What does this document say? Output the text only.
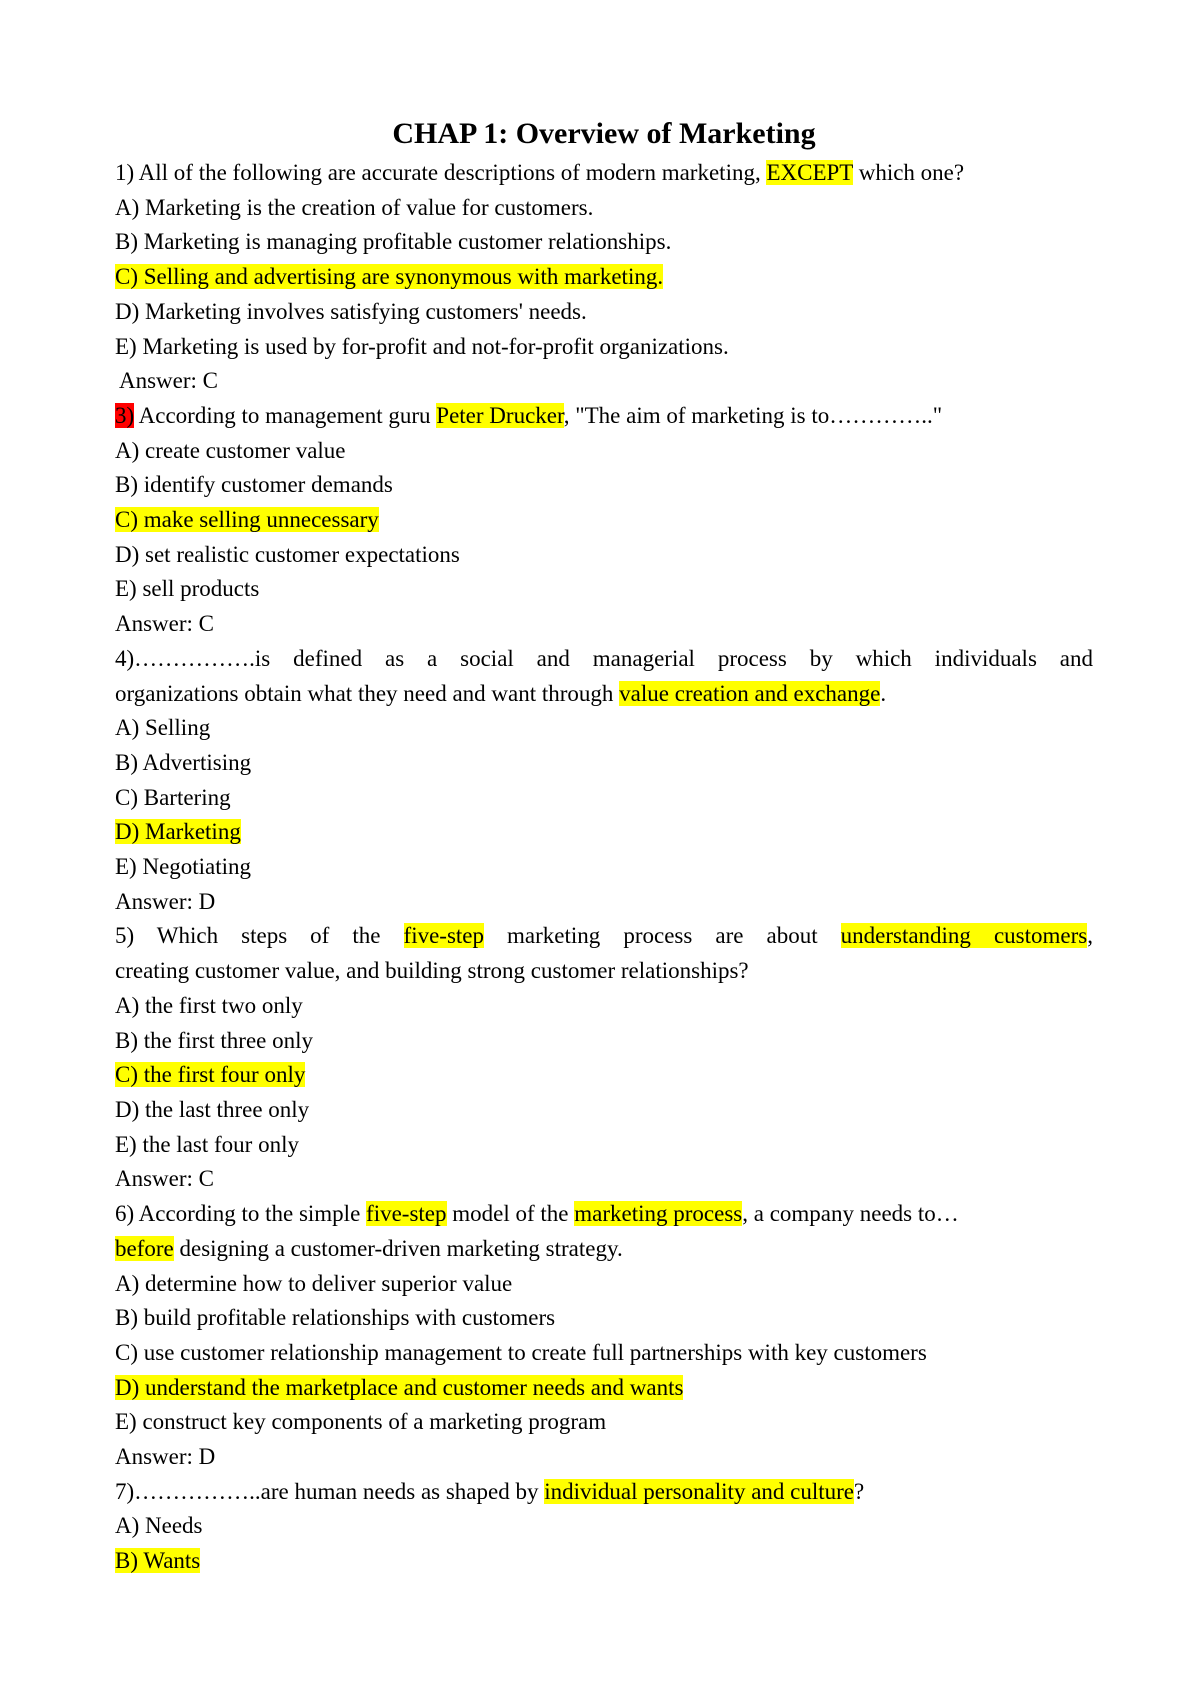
CHAP 1: Overview of Marketing
1) All of the following are accurate descriptions of modern marketing, EXCEPT which one?
A) Marketing is the creation of value for customers.
B) Marketing is managing profitable customer relationships.
C) Selling and advertising are synonymous with marketing.
D) Marketing involves satisfying customers' needs.
E) Marketing is used by for-profit and not-for-profit organizations.
Answer: C
3) According to management guru Peter Drucker, "The aim of marketing is to………….."
A) create customer value
B) identify customer demands
C) make selling unnecessary
D) set realistic customer expectations
E) sell products
Answer: C
4)…………….is defined as a social and managerial process by which individuals and
organizations obtain what they need and want through value creation and exchange.
A) Selling
B) Advertising
C) Bartering
D) Marketing
E) Negotiating
Answer: D
5) Which steps of the five-step marketing process are about understanding customers,
creating customer value, and building strong customer relationships?
A) the first two only
B) the first three only
C) the first four only
D) the last three only
E) the last four only
Answer: C
6) According to the simple five-step model of the marketing process, a company needs to…
before designing a customer-driven marketing strategy.
A) determine how to deliver superior value
B) build profitable relationships with customers
C) use customer relationship management to create full partnerships with key customers
D) understand the marketplace and customer needs and wants
E) construct key components of a marketing program
Answer: D
7)……………..are human needs as shaped by individual personality and culture?
A) Needs
B) Wants
